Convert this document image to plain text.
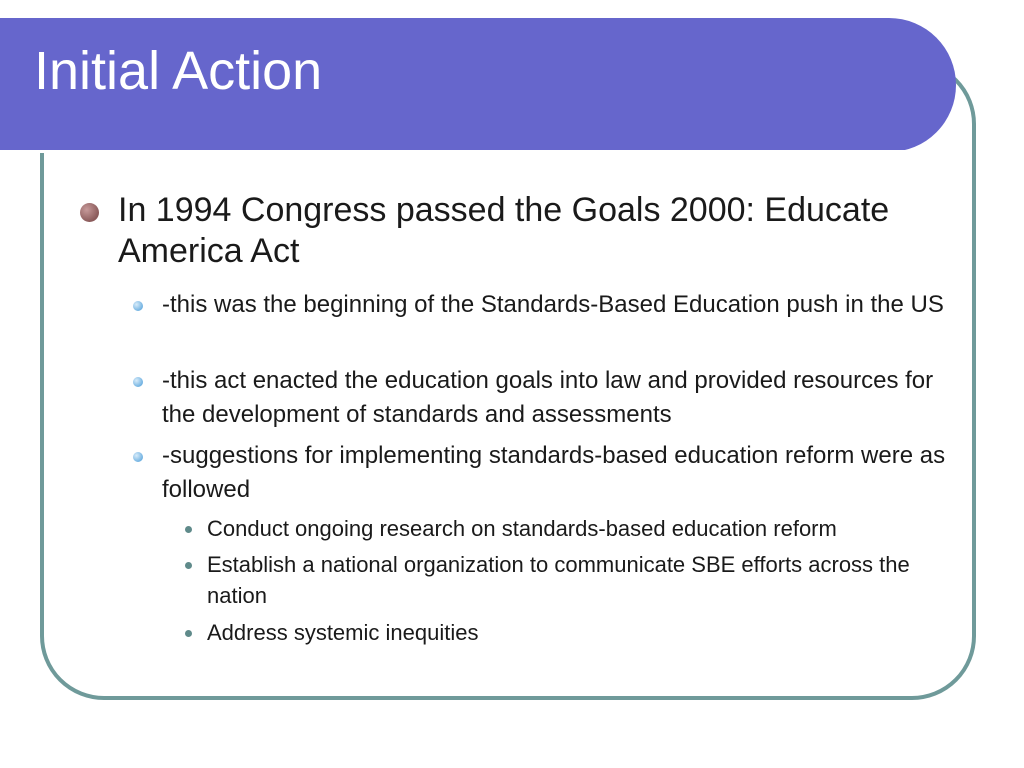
Initial Action
In 1994 Congress passed the Goals 2000: Educate America Act
-this was the beginning of the Standards-Based Education push in the US
-this act enacted the education goals into law and provided resources for the development of standards and assessments
-suggestions for implementing standards-based education reform were as followed
Conduct ongoing research on standards-based education reform
Establish a national organization to communicate SBE efforts across the nation
Address systemic inequities
